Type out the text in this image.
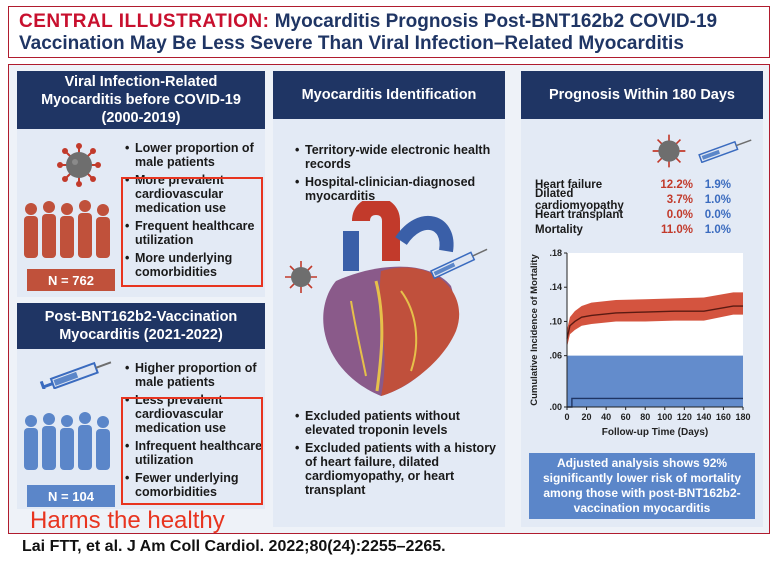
CENTRAL ILLUSTRATION: Myocarditis Prognosis Post-BNT162b2 COVID-19
Vaccination May Be Less Severe Than Viral Infection–Related Myocarditis
Viral Infection-Related
Myocarditis before COVID-19
(2000-2019)
N = 762
• Lower proportion of male patients
• More prevalent cardiovascular medication use
• Frequent healthcare utilization
• More underlying comorbidities
Post-BNT162b2-Vaccination
Myocarditis (2021-2022)
N = 104
• Higher proportion of male patients
• Less prevalent cardiovascular medication use
• Infrequent healthcare utilization
• Fewer underlying comorbidities
Myocarditis Identification
• Territory-wide electronic health records
• Hospital-clinician-diagnosed myocarditis
• Excluded patients without elevated troponin levels
• Excluded patients with a history of heart failure, dilated cardiomyopathy, or heart transplant
Prognosis Within 180 Days
Heart failure	12.2%	1.9%
Dilated cardiomyopathy	3.7%	1.0%
Heart transplant	0.0%	0.0%
Mortality	11.0%	1.0%
0 20 40 60 80 100 120 140 160 180
.00
.06
.10
.14
.18
Follow-up Time (Days)
Cumulative Incidence of Mortality
Adjusted analysis shows 92% significantly lower risk of mortality among those with post-BNT162b2-vaccination myocarditis
Harms the healthy
Lai FTT, et al. J Am Coll Cardiol. 2022;80(24):2255–2265.
